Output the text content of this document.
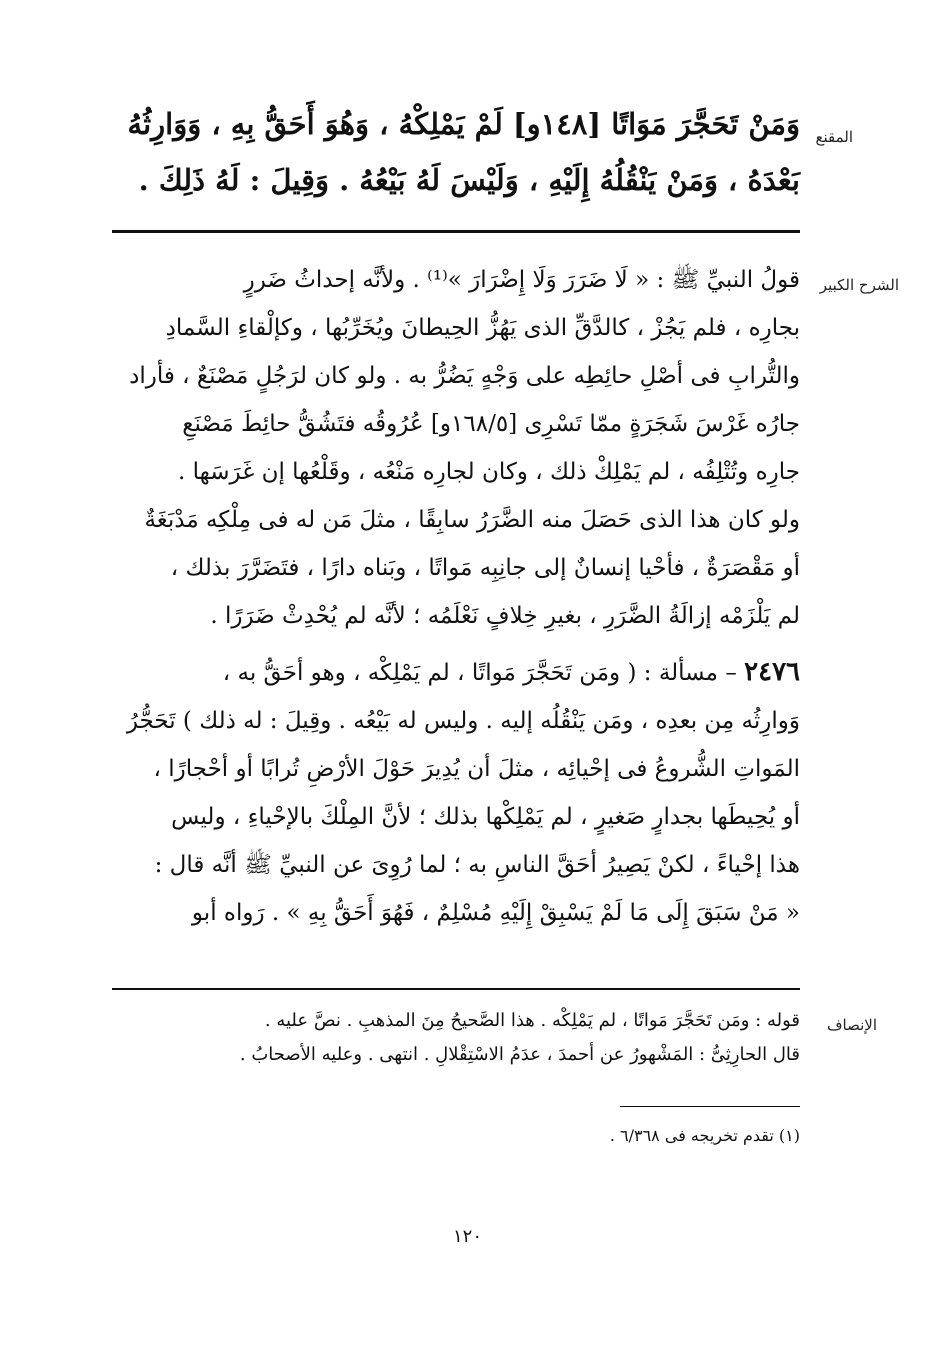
المقنع
الشرح الكبير
الإنصاف

وَمَنْ تَحَجَّرَ مَوَاتًا [١٤٨و] لَمْ يَمْلِكْهُ ، وَهُوَ أَحَقُّ بِهِ ، وَوَارِثُهُ

بَعْدَهُ ، وَمَنْ يَنْقُلُهُ إِلَيْهِ ، وَلَيْسَ لَهُ بَيْعُهُ . وَقِيلَ : لَهُ ذَلِكَ .

قولُ النبيِّ ﷺ : « لَا ضَرَرَ وَلَا إِضْرَارَ »⁽¹⁾ . ولأنَّه إحداثُ ضَررٍ

بجارِه ، فلم يَجُزْ ، كالدَّقِّ الذى يَهُزُّ الحِيطانَ ويُخَرِّبُها ، وكإلْقاءِ السَّمادِ

والتُّرابِ فى أصْلِ حائِطِه على وَجْهٍ يَضُرُّ به . ولو كان لرَجُلٍ مَصْنَعٌ ، فأراد

جارُه غَرْسَ شَجَرَةٍ ممّا تَسْرِى [١٦٨/٥و] عُرُوقُه فتَشُقُّ حائِطَ مَصْنَعِ

جارِه وتُتْلِفُه ، لم يَمْلِكْ ذلك ، وكان لجارِه مَنْعُه ، وقَلْعُها إن غَرَسَها .

ولو كان هذا الذى حَصَلَ منه الضَّرَرُ سابِقًا ، مثلَ مَن له فى مِلْكِه مَدْبَغَةٌ

أو مَقْصَرَةٌ ، فأحْيا إنسانٌ إلى جانِبِه مَواتًا ، وبَناه دارًا ، فتَضَرَّرَ بذلك ،

لم يَلْزَمْه إزالَةُ الضَّرَرِ ، بغيرِ خِلافٍ نَعْلَمُه ؛ لأنَّه لم يُحْدِثْ ضَرَرًا .

٢٤٧٦ – مسألة : ( ومَن تَحَجَّرَ مَواتًا ، لم يَمْلِكْه ، وهو أحَقُّ به ،

وَوارِثُه مِن بعدِه ، ومَن يَنْقُلُه إليه . وليس له بَيْعُه . وقِيلَ : له ذلك ) تَحَجُّرُ

المَواتِ الشُّروعُ فى إحْيائِه ، مثلَ أن يُدِيرَ حَوْلَ الأرْضِ تُرابًا أو أحْجارًا ،

أو يُحِيطَها بجدارٍ صَغيرٍ ، لم يَمْلِكْها بذلك ؛ لأنَّ المِلْكَ بالإحْياءِ ، وليس

هذا إحْياءً ، لكنْ يَصِيرُ أحَقَّ الناسِ به ؛ لما رُوِىَ عن النبيِّ ﷺ أنَّه قال :

« مَنْ سَبَقَ إِلَى مَا لَمْ يَسْبِقْ إِلَيْهِ مُسْلِمٌ ، فَهُوَ أَحَقُّ بِهِ » . رَواه أبو

قوله : ومَن تَحَجَّرَ مَواتًا ، لم يَمْلِكْه . هذا الصَّحيحُ مِنَ المذهبِ . نصَّ عليه .

قال الحارِثِىُّ : المَشْهورُ عن أحمدَ ، عدَمُ الاسْتِقْلالِ . انتهى . وعليه الأصحابُ .

(١) تقدم تخريجه فى ٦/٣٦٨ .
١٢٠
